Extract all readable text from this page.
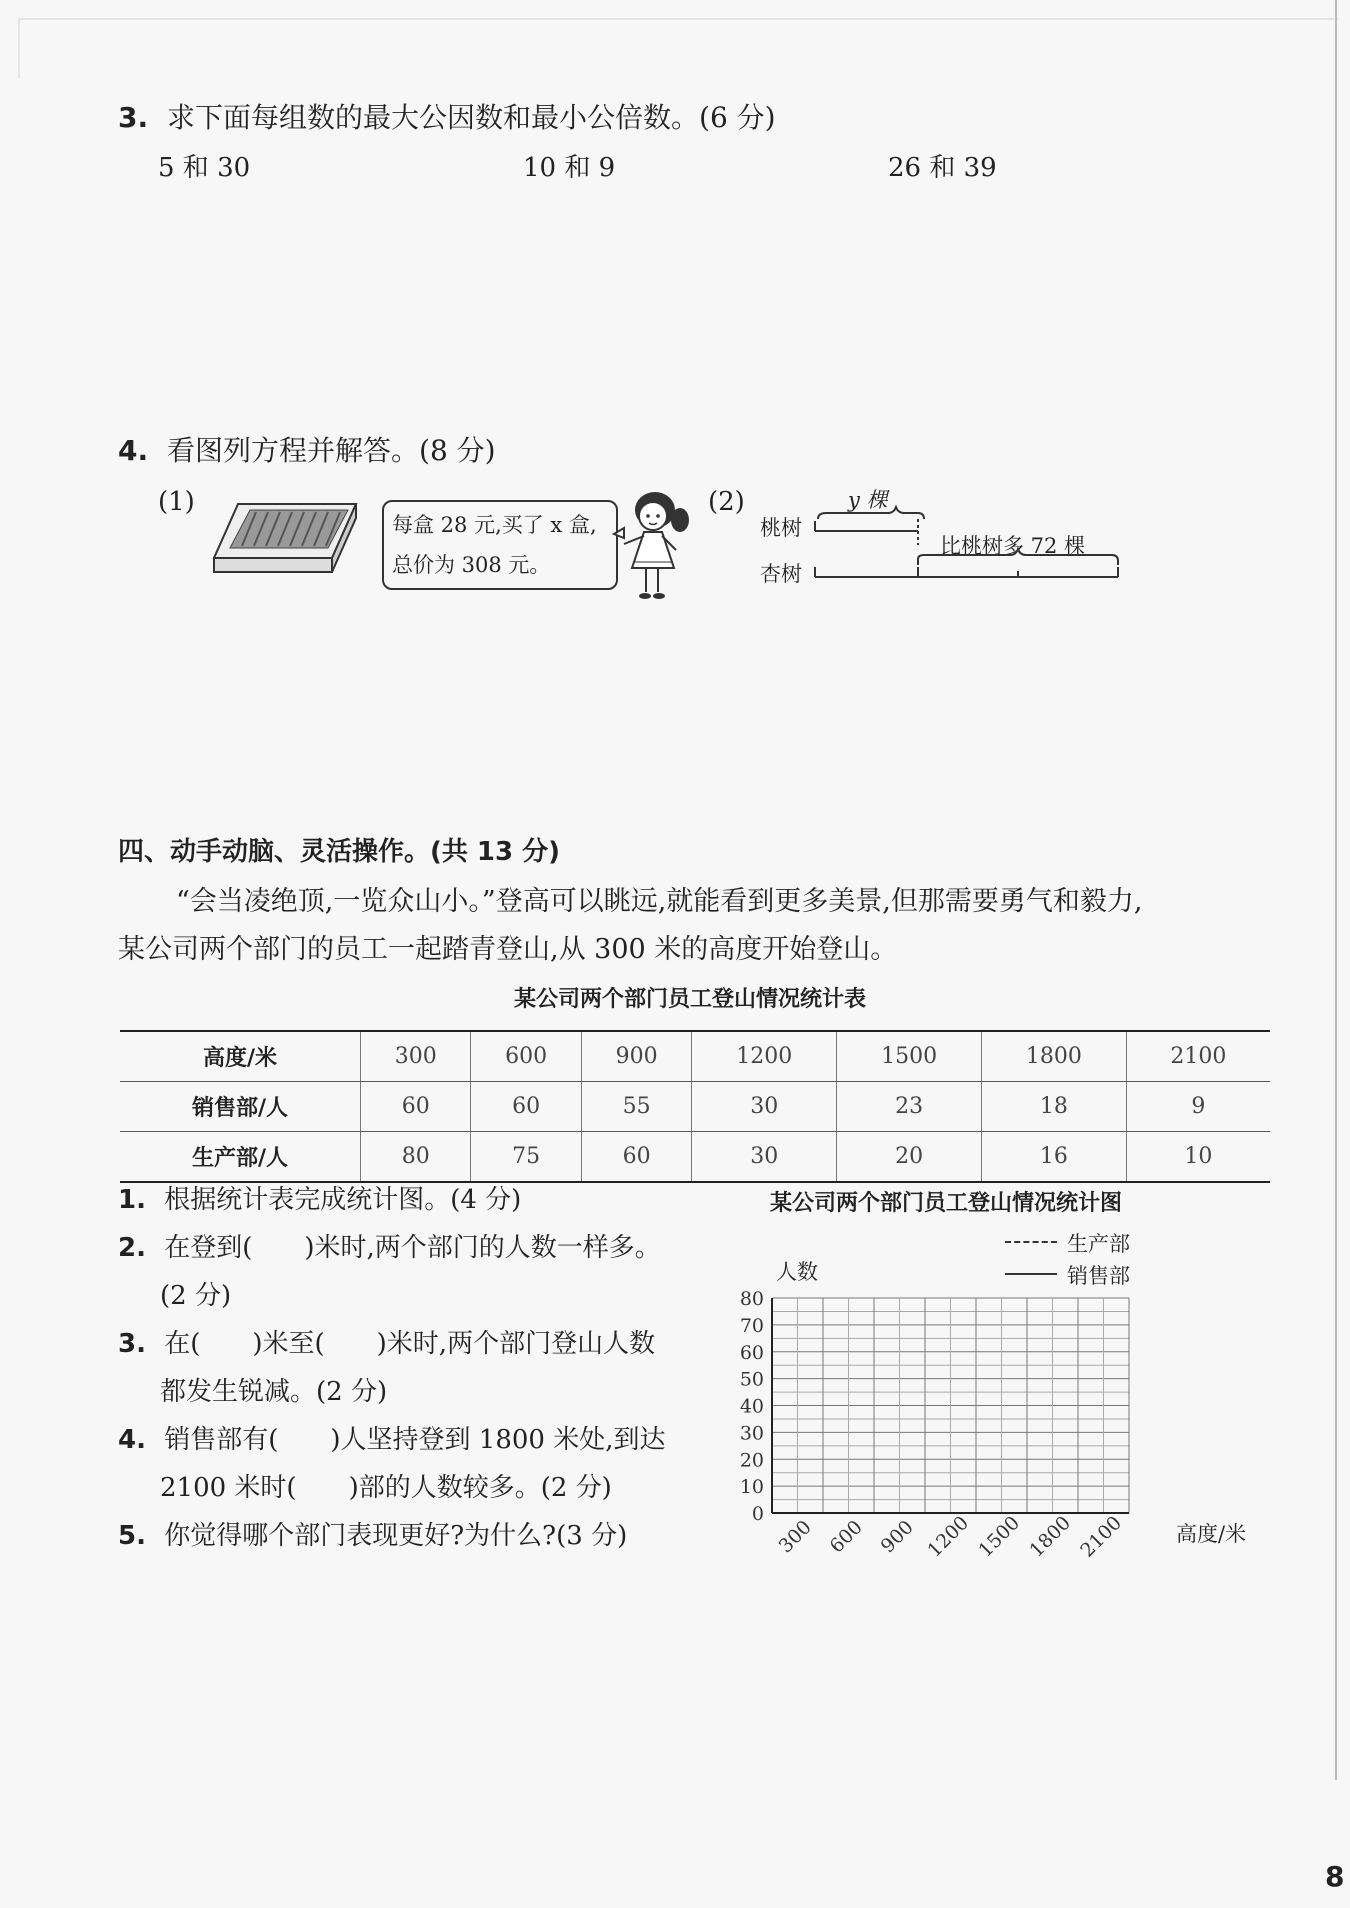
3. 求下面每组数的最大公因数和最小公倍数。(6 分)
5 和 30	10 和 9	26 和 39
4. 看图列方程并解答。(8 分)
(1)
每盒 28 元,买了 x 盒,
总价为 308 元。
(2)
桃树
杏树
y 棵
比桃树多 72 棵
四、动手动脑、灵活操作。(共 13 分)
“会当凌绝顶,一览众山小。”登高可以眺远,就能看到更多美景,但那需要勇气和毅力,
某公司两个部门的员工一起踏青登山,从 300 米的高度开始登山。
某公司两个部门员工登山情况统计表
高度/米	300	600	900	1200	1500	1800	2100
销售部/人	60	60	55	30	23	18	9
生产部/人	80	75	60	30	20	16	10
1. 根据统计表完成统计图。(4 分)
2. 在登到(　　)米时,两个部门的人数一样多。
(2 分)
3. 在(　　)米至(　　)米时,两个部门登山人数
都发生锐减。(2 分)
4. 销售部有(　　)人坚持登到 1800 米处,到达
2100 米时(　　)部的人数较多。(2 分)
5. 你觉得哪个部门表现更好?为什么?(3 分)
某公司两个部门员工登山情况统计图
人数
高度/米
生产部
销售部
0
10
20
30
40
50
60
70
80
300 600 900 1200 1500 1800 2100
8
